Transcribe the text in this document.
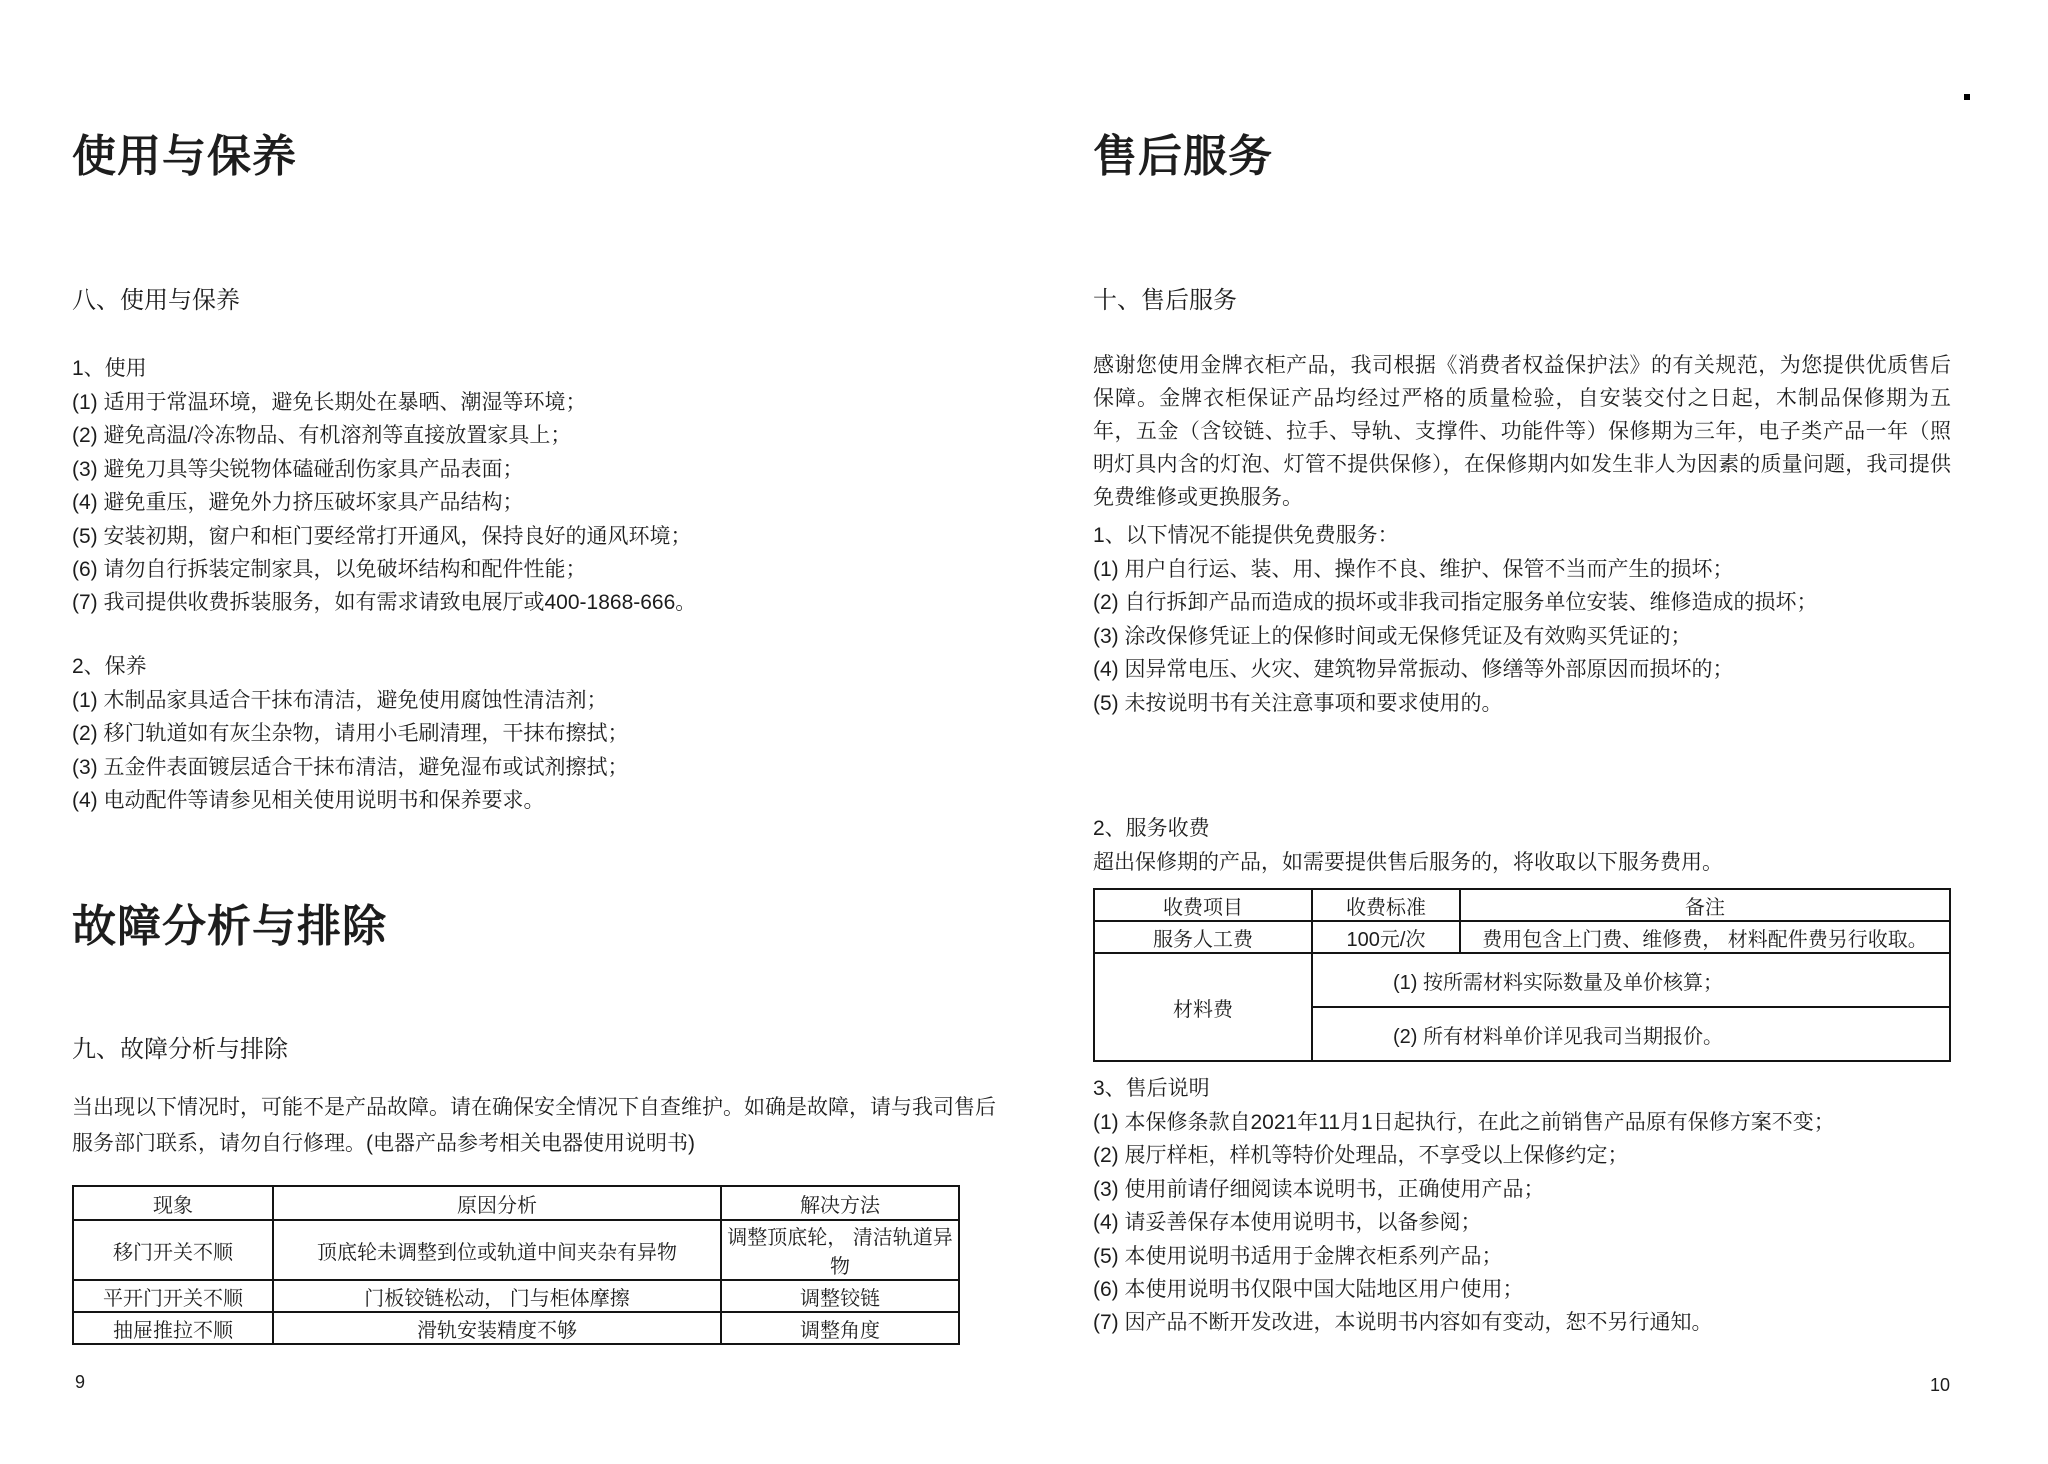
使用与保养
八、使用与保养
1、使用

(1) 适用于常温环境，避免长期处在暴晒、潮湿等环境；

(2) 避免高温/冷冻物品、有机溶剂等直接放置家具上；

(3) 避免刀具等尖锐物体磕碰刮伤家具产品表面；

(4) 避免重压，避免外力挤压破坏家具产品结构；

(5) 安装初期，窗户和柜门要经常打开通风，保持良好的通风环境；

(6) 请勿自行拆装定制家具，以免破坏结构和配件性能；

(7) 我司提供收费拆装服务，如有需求请致电展厅或400-1868-666。

2、保养

(1) 木制品家具适合干抹布清洁，避免使用腐蚀性清洁剂；

(2) 移门轨道如有灰尘杂物，请用小毛刷清理，干抹布擦拭；

(3) 五金件表面镀层适合干抹布清洁，避免湿布或试剂擦拭；

(4) 电动配件等请参见相关使用说明书和保养要求。

故障分析与排除
九、故障分析与排除

当出现以下情况时，可能不是产品故障。请在确保安全情况下自查维护。如确是故障，请与我司售后

服务部门联系，请勿自行修理。(电器产品参考相关电器使用说明书)

现象	原因分析	解决方法
移门开关不顺	顶底轮未调整到位或轨道中间夹杂有异物	调整顶底轮， 清洁轨道异物
平开门开关不顺	门板铰链松动， 门与柜体摩擦	调整铰链
抽屉推拉不顺	滑轨安装精度不够	调整角度
9
售后服务
十、售后服务
感谢您使用金牌衣柜产品，我司根据《消费者权益保护法》的有关规范，为您提供优质售后保障。金牌衣柜保证产品均经过严格的质量检验，自安装交付之日起，木制品保修期为五年，五金（含铰链、拉手、导轨、支撑件、功能件等）保修期为三年，电子类产品一年（照明灯具内含的灯泡、灯管不提供保修），在保修期内如发生非人为因素的质量问题，我司提供免费维修或更换服务。
1、以下情况不能提供免费服务：

(1) 用户自行运、装、用、操作不良、维护、保管不当而产生的损坏；

(2) 自行拆卸产品而造成的损坏或非我司指定服务单位安装、维修造成的损坏；

(3) 涂改保修凭证上的保修时间或无保修凭证及有效购买凭证的；

(4) 因异常电压、火灾、建筑物异常振动、修缮等外部原因而损坏的；

(5) 未按说明书有关注意事项和要求使用的。

2、服务收费
超出保修期的产品，如需要提供售后服务的，将收取以下服务费用。
收费项目	收费标准	备注
服务人工费	100元/次	费用包含上门费、维修费， 材料配件费另行收取。
材料费	(1) 按所需材料实际数量及单价核算；	
	(2) 所有材料单价详见我司当期报价。	
3、售后说明

(1) 本保修条款自2021年11月1日起执行，在此之前销售产品原有保修方案不变；

(2) 展厅样柜，样机等特价处理品，不享受以上保修约定；

(3) 使用前请仔细阅读本说明书，正确使用产品；

(4) 请妥善保存本使用说明书，以备参阅；

(5) 本使用说明书适用于金牌衣柜系列产品；

(6) 本使用说明书仅限中国大陆地区用户使用；

(7) 因产品不断开发改进，本说明书内容如有变动，恕不另行通知。

10
